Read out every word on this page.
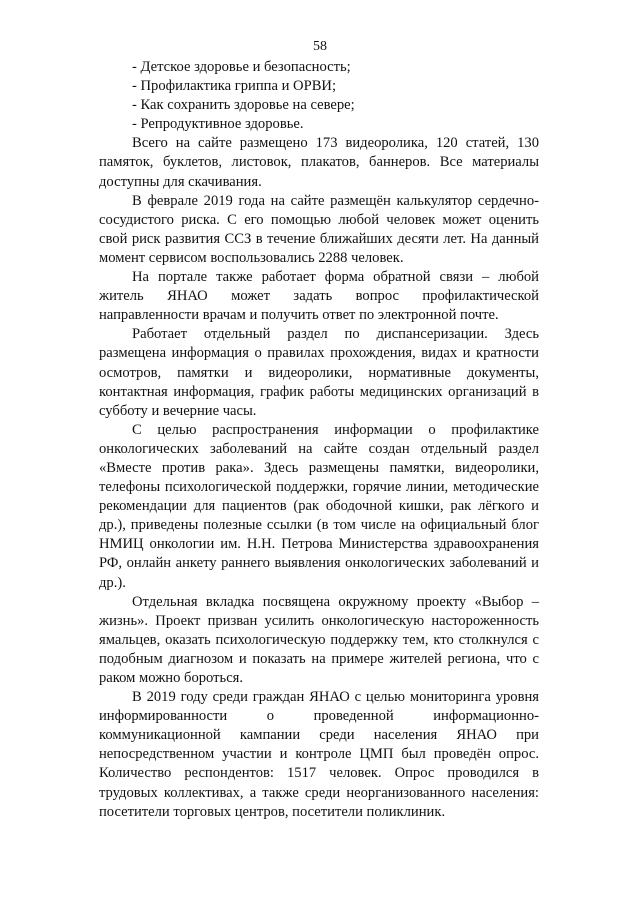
58
- Детское здоровье и безопасность;
- Профилактика гриппа и ОРВИ;
- Как сохранить здоровье на севере;
- Репродуктивное здоровье.

Всего на сайте размещено 173 видеоролика, 120 статей, 130 памяток, буклетов, листовок, плакатов, баннеров. Все материалы доступны для скачивания.

В феврале 2019 года на сайте размещён калькулятор сердечно-сосудистого риска. С его помощью любой человек может оценить свой риск развития ССЗ в течение ближайших десяти лет. На данный момент сервисом воспользовались 2288 человек.

На портале также работает форма обратной связи – любой житель ЯНАО может задать вопрос профилактической направленности врачам и получить ответ по электронной почте.

Работает отдельный раздел по диспансеризации. Здесь размещена информация о правилах прохождения, видах и кратности осмотров, памятки и видеоролики, нормативные документы, контактная информация, график работы медицинских организаций в субботу и вечерние часы.

С целью распространения информации о профилактике онкологических заболеваний на сайте создан отдельный раздел «Вместе против рака». Здесь размещены памятки, видеоролики, телефоны психологической поддержки, горячие линии, методические рекомендации для пациентов (рак ободочной кишки, рак лёгкого и др.), приведены полезные ссылки (в том числе на официальный блог НМИЦ онкологии им. Н.Н. Петрова Министерства здравоохранения РФ, онлайн анкету раннего выявления онкологических заболеваний и др.).

Отдельная вкладка посвящена окружному проекту «Выбор – жизнь». Проект призван усилить онкологическую настороженность ямальцев, оказать психологическую поддержку тем, кто столкнулся с подобным диагнозом и показать на примере жителей региона, что с раком можно бороться.

В 2019 году среди граждан ЯНАО с целью мониторинга уровня информированности о проведенной информационно-коммуникационной кампании среди населения ЯНАО при непосредственном участии и контроле ЦМП был проведён опрос. Количество респондентов: 1517 человек. Опрос проводился в трудовых коллективах, а также среди неорганизованного населения: посетители торговых центров, посетители поликлиник.
